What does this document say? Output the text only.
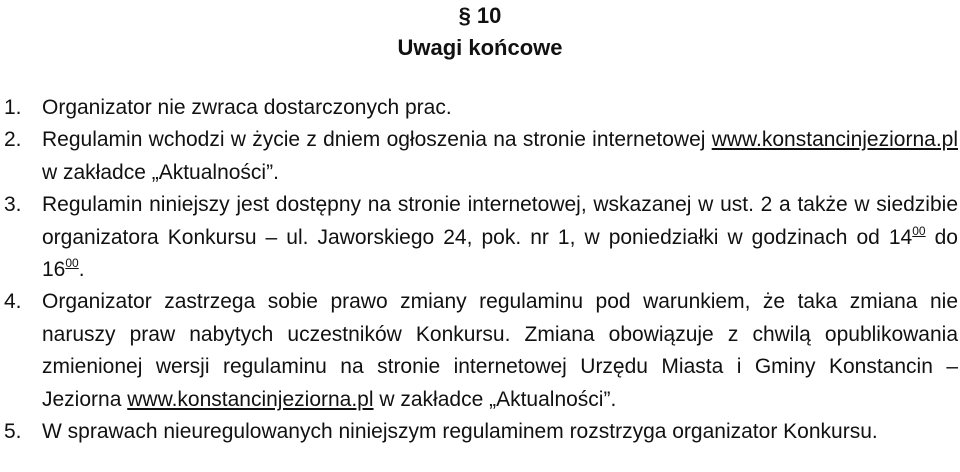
§ 10
Uwagi końcowe
1. Organizator nie zwraca dostarczonych prac.
2. Regulamin wchodzi w życie z dniem ogłoszenia na stronie internetowej www.konstancinjeziorna.pl w zakładce „Aktualności”.
3. Regulamin niniejszy jest dostępny na stronie internetowej, wskazanej w ust. 2 a także w siedzibie organizatora Konkursu – ul. Jaworskiego 24, pok. nr 1, w poniedziałki w godzinach od $14^{00}$ do $16^{00}$.
4. Organizator zastrzega sobie prawo zmiany regulaminu pod warunkiem, że taka zmiana nie naruszy praw nabytych uczestników Konkursu. Zmiana obowiązuje z chwilą opublikowania zmienionej wersji regulaminu na stronie internetowej Urzędu Miasta i Gminy Konstancin – Jeziorna www.konstancinjeziorna.pl w zakładce „Aktualności”.
5. W sprawach nieuregulowanych niniejszym regulaminem rozstrzyga organizator Konkursu.
